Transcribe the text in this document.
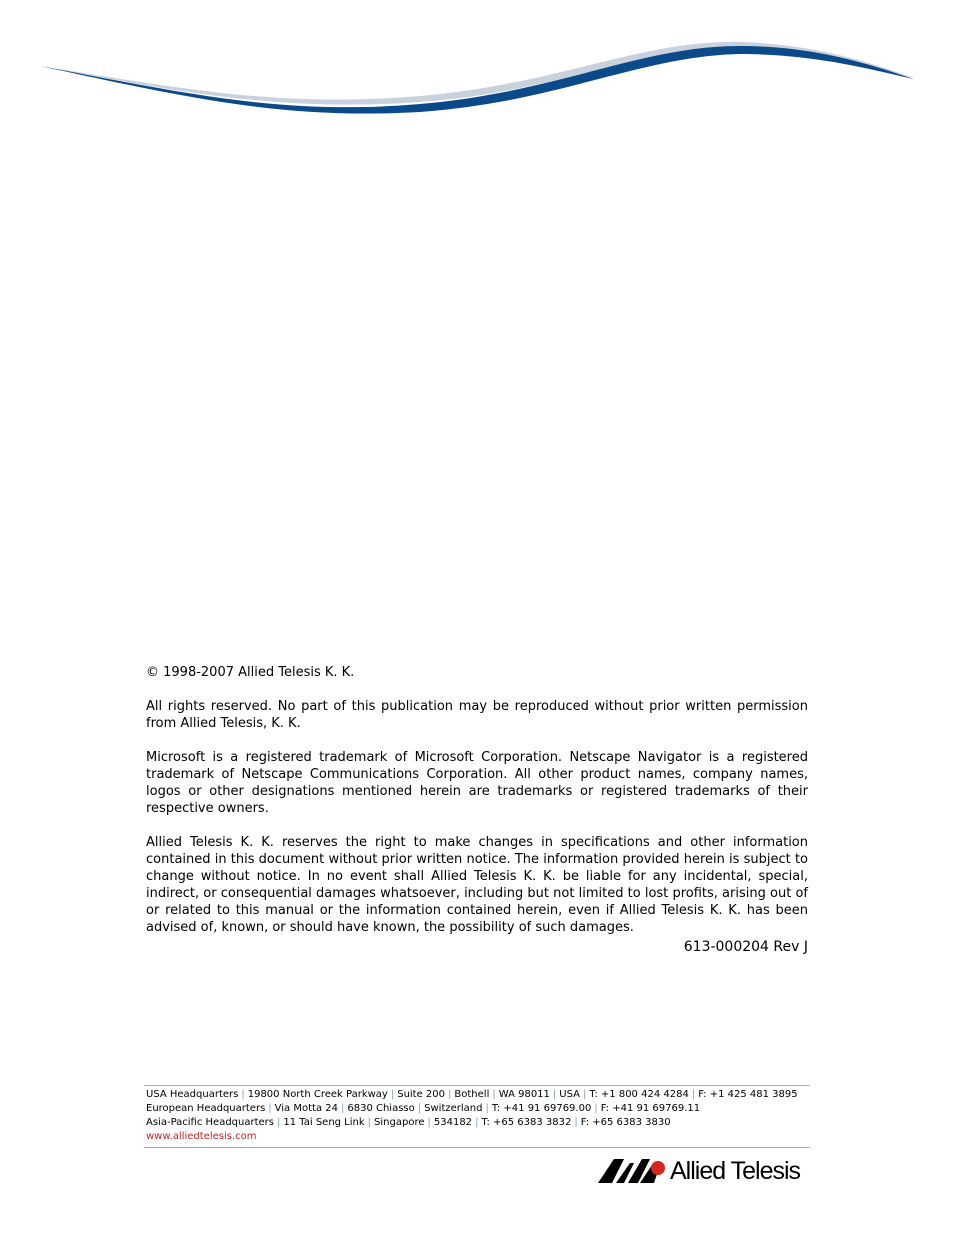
© 1998-2007 Allied Telesis K. K.

All rights reserved. No part of this publication may be reproduced without prior written permission from Allied Telesis, K. K.

Microsoft is a registered trademark of Microsoft Corporation. Netscape Navigator is a registered trademark of Netscape Communications Corporation. All other product names, company names, logos or other designations mentioned herein are trademarks or registered trademarks of their respective owners.

Allied Telesis K. K. reserves the right to make changes in specifications and other information contained in this document without prior written notice. The information provided herein is subject to change without notice. In no event shall Allied Telesis K. K. be liable for any incidental, special, indirect, or consequential damages whatsoever, including but not limited to lost profits, arising out of or related to this manual or the information contained herein, even if Allied Telesis K. K. has been advised of, known, or should have known, the possibility of such damages.

613-000204 Rev J
USA Headquarters | 19800 North Creek Parkway | Suite 200 | Bothell | WA 98011 | USA | T: +1 800 424 4284 | F: +1 425 481 3895
European Headquarters | Via Motta 24 | 6830 Chiasso | Switzerland | T: +41 91 69769.00 | F: +41 91 69769.11
Asia-Pacific Headquarters | 11 Tai Seng Link | Singapore | 534182 | T: +65 6383 3832 | F: +65 6383 3830
www.alliedtelesis.com
Allied Telesis
